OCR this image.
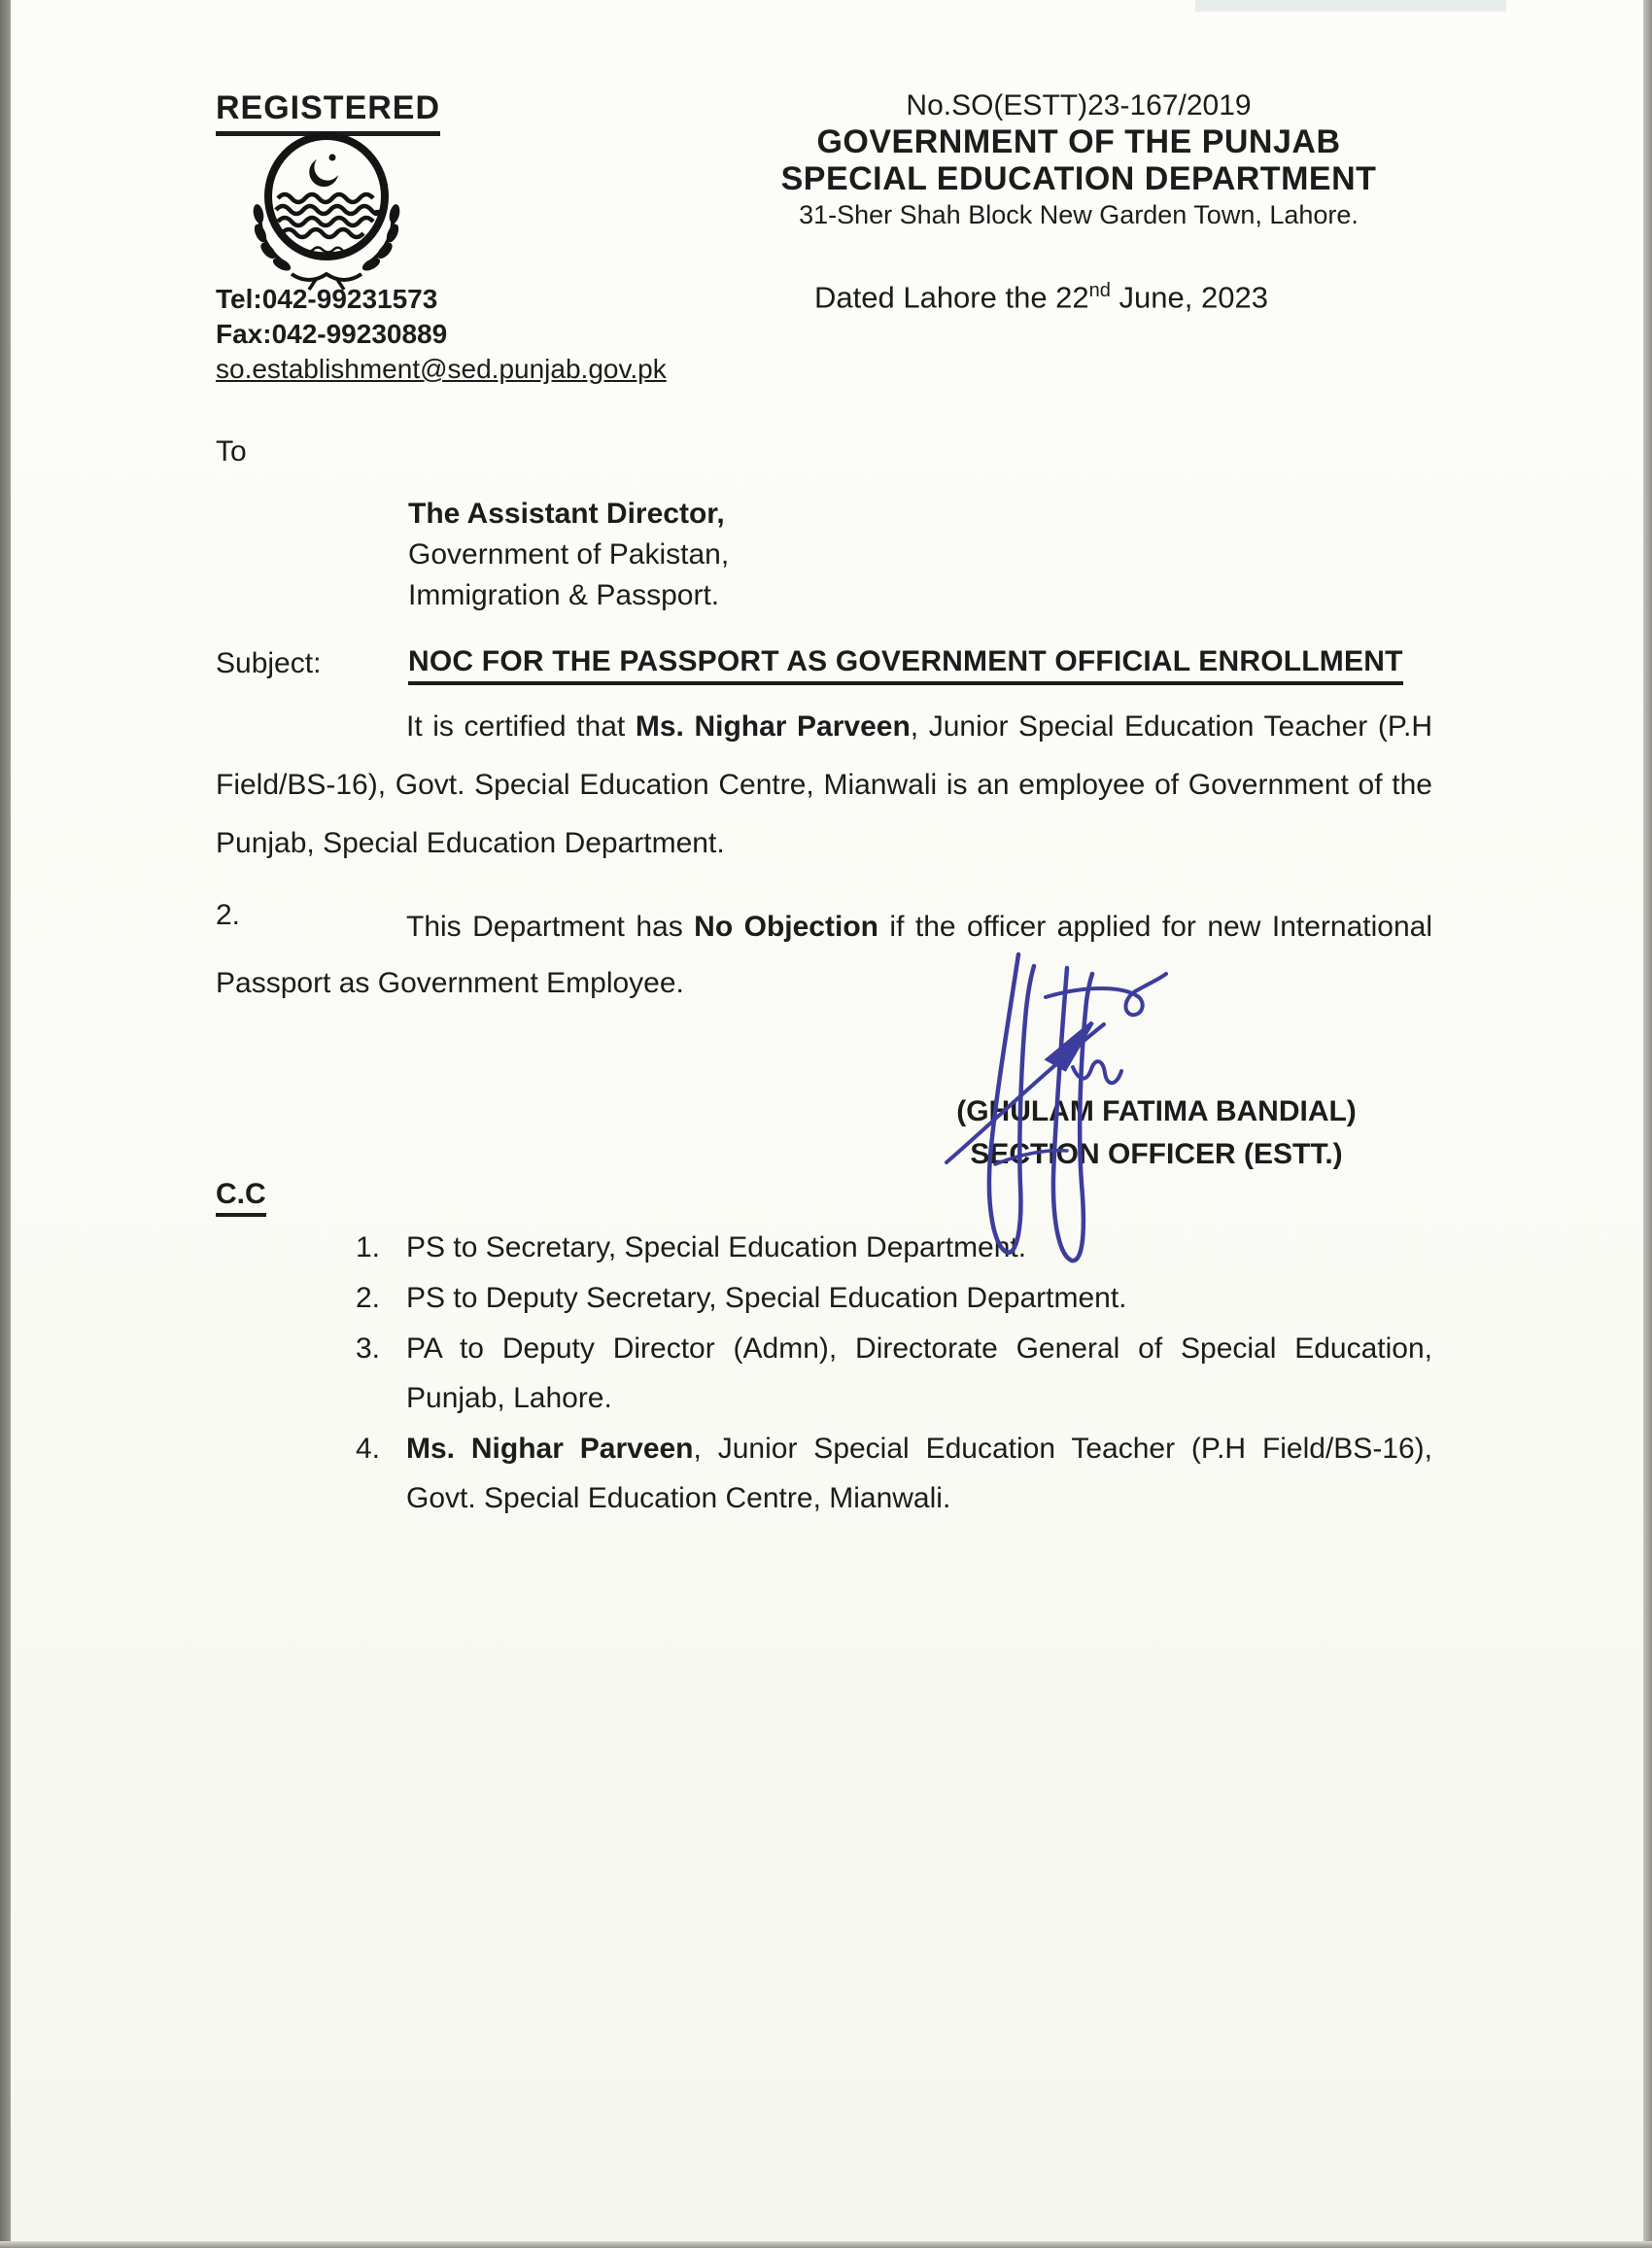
REGISTERED
Tel:042-99231573
Fax:042-99230889
so.establishment@sed.punjab.gov.pk
No.SO(ESTT)23-167/2019
GOVERNMENT OF THE PUNJAB
SPECIAL EDUCATION DEPARTMENT
31-Sher Shah Block New Garden Town, Lahore.
Dated Lahore the 22nd June, 2023
To
The Assistant Director,
Government of Pakistan,
Immigration & Passport.
Subject:	NOC FOR THE PASSPORT AS GOVERNMENT OFFICIAL ENROLLMENT
It is certified that Ms. Nighar Parveen, Junior Special Education Teacher (P.H Field/BS-16), Govt. Special Education Centre, Mianwali is an employee of Government of the Punjab, Special Education Department.
2.	This Department has No Objection if the officer applied for new International Passport as Government Employee.
(GHULAM FATIMA BANDIAL)
SECTION OFFICER (ESTT.)
C.C
1. PS to Secretary, Special Education Department.
2. PS to Deputy Secretary, Special Education Department.
3. PA to Deputy Director (Admn), Directorate General of Special Education, Punjab, Lahore.
4. Ms. Nighar Parveen, Junior Special Education Teacher (P.H Field/BS-16), Govt. Special Education Centre, Mianwali.
